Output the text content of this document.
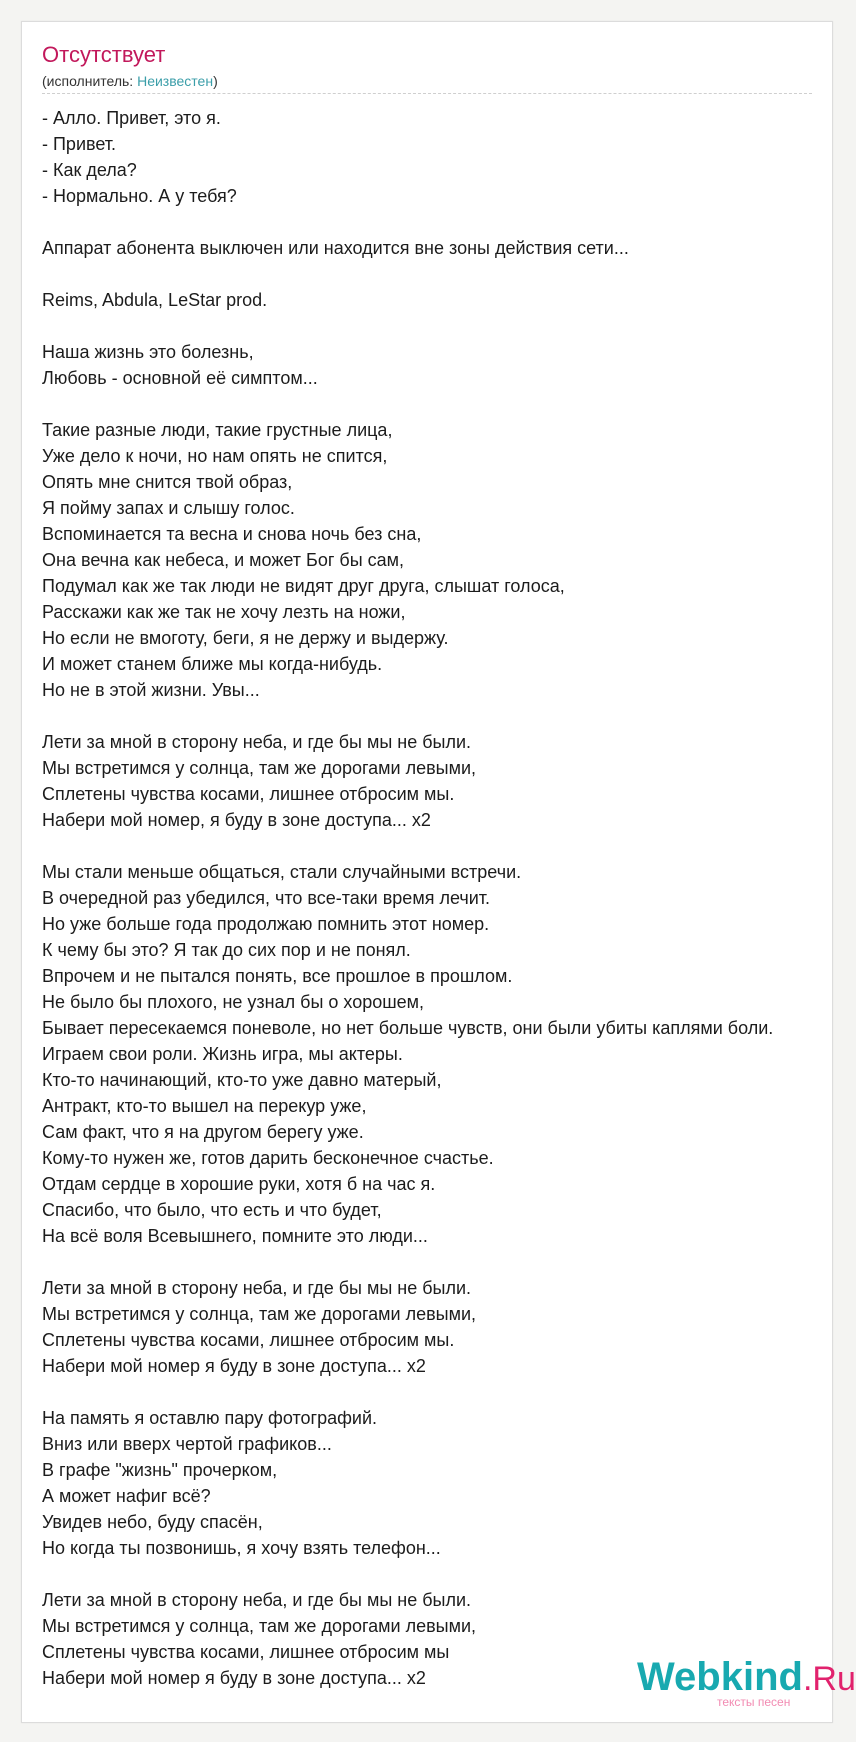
Отсутствует
(исполнитель: Неизвестен)
- Алло. Привет, это я.
- Привет.
- Как дела?
- Нормально. А у тебя?

Аппарат абонента выключен или находится вне зоны действия сети...

Reims, Abdula, LeStar prod.

Наша жизнь это болезнь,
Любовь - основной её симптом...

Такие разные люди, такие грустные лица,
Уже дело к ночи, но нам опять не спится,
Опять мне снится твой образ,
Я пойму запах и слышу голос.
Вспоминается та весна и снова ночь без сна,
Она вечна как небеса, и может Бог бы сам,
Подумал как же так люди не видят друг друга, слышат голоса,
Расскажи как же так не хочу лезть на ножи,
Но если не вмоготу, беги, я не держу и выдержу.
И может станем ближе мы когда-нибудь.
Но не в этой жизни. Увы...

Лети за мной в сторону неба, и где бы мы не были.
Мы встретимся у солнца, там же дорогами левыми,
Сплетены чувства косами, лишнее отбросим мы.
Набери мой номер, я буду в зоне доступа... x2

Мы стали меньше общаться, стали случайными встречи.
В очередной раз убедился, что все-таки время лечит.
Но уже больше года продолжаю помнить этот номер.
К чему бы это? Я так до сих пор и не понял.
Впрочем и не пытался понять, все прошлое в прошлом.
Не было бы плохого, не узнал бы о хорошем,
Бывает пересекаемся поневоле, но нет больше чувств, они были убиты каплями боли.
Играем свои роли. Жизнь игра, мы актеры.
Кто-то начинающий, кто-то уже давно матерый,
Антракт, кто-то вышел на перекур уже,
Сам факт, что я на другом берегу уже.
Кому-то нужен же, готов дарить бесконечное счастье.
Отдам сердце в хорошие руки, хотя б на час я.
Спасибо, что было, что есть и что будет,
На всё воля Всевышнего, помните это люди...

Лети за мной в сторону неба, и где бы мы не были.
Мы встретимся у солнца, там же дорогами левыми,
Сплетены чувства косами, лишнее отбросим мы.
Набери мой номер я буду в зоне доступа... x2

На память я оставлю пару фотографий.
Вниз или вверх чертой графиков...
В графе "жизнь" прочерком,
А может нафиг всё?
Увидев небо, буду спасён,
Но когда ты позвонишь, я хочу взять телефон...

Лети за мной в сторону неба, и где бы мы не были.
Мы встретимся у солнца, там же дорогами левыми,
Сплетены чувства косами, лишнее отбросим мы
Набери мой номер я буду в зоне доступа... x2	Webkind.Ru
тексты песен
